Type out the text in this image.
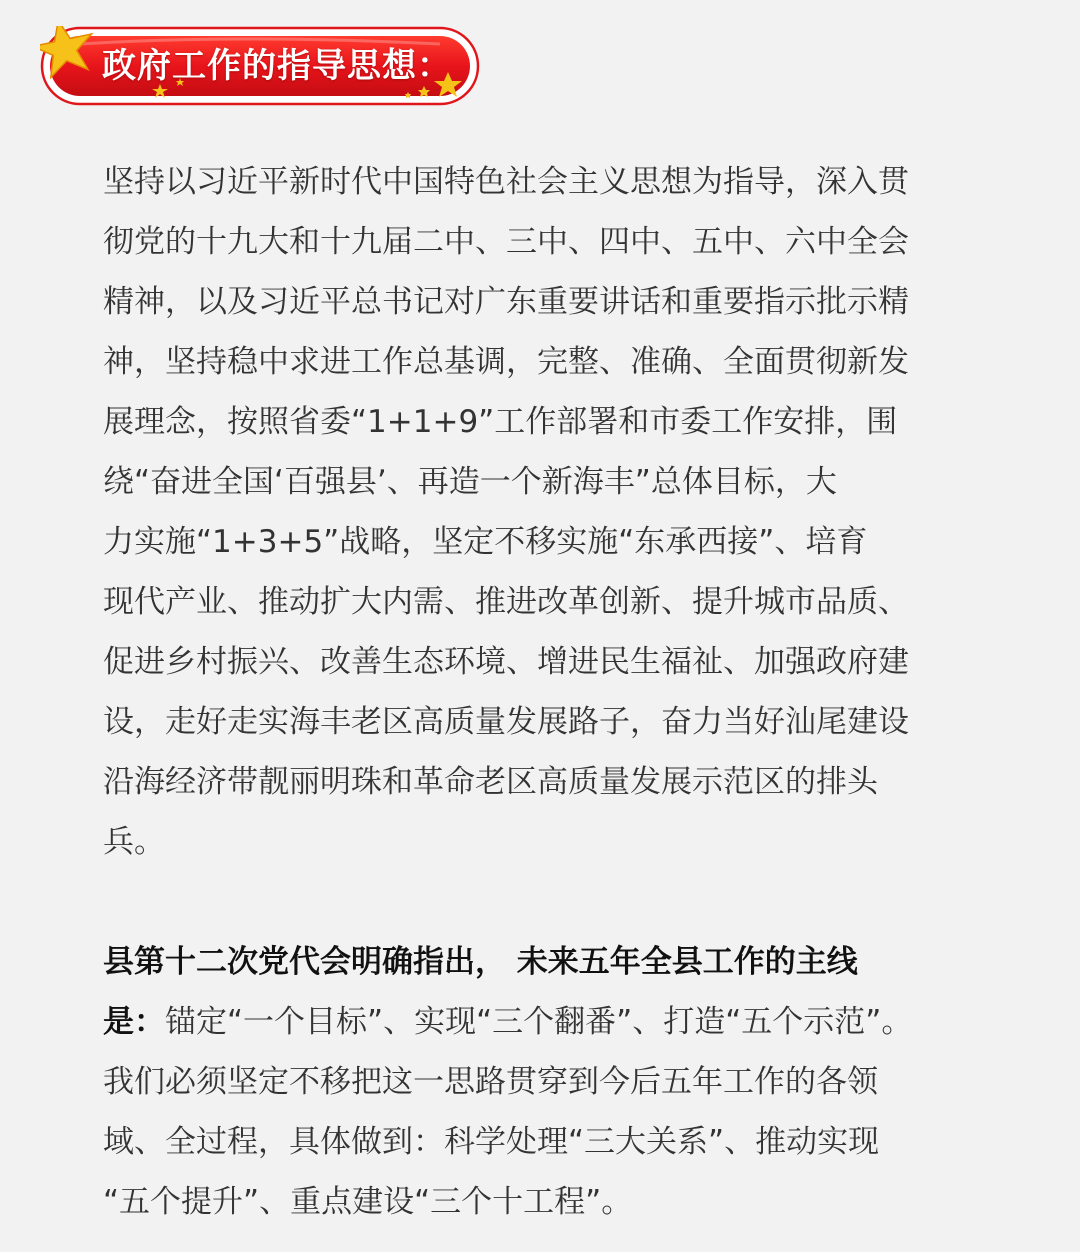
政府工作的指导思想：

坚持以习近平新时代中国特色社会主义思想为指导，深入贯
彻党的十九大和十九届二中、三中、四中、五中、六中全会
精神，以及习近平总书记对广东重要讲话和重要指示批示精
神，坚持稳中求进工作总基调，完整、准确、全面贯彻新发
展理念，按照省委“1+1+9”工作部署和市委工作安排，围
绕“奋进全国‘百强县’、再造一个新海丰”总体目标，大
力实施“1+3+5”战略，坚定不移实施“东承西接”、培育
现代产业、推动扩大内需、推进改革创新、提升城市品质、
促进乡村振兴、改善生态环境、增进民生福祉、加强政府建
设，走好走实海丰老区高质量发展路子，奋力当好汕尾建设
沿海经济带靓丽明珠和革命老区高质量发展示范区的排头
兵。

县第十二次党代会明确指出， 未来五年全县工作的主线
是：锚定“一个目标”、实现“三个翻番”、打造“五个示范”。
我们必须坚定不移把这一思路贯穿到今后五年工作的各领
域、全过程，具体做到：科学处理“三大关系”、推动实现
“五个提升”、重点建设“三个十工程”。
